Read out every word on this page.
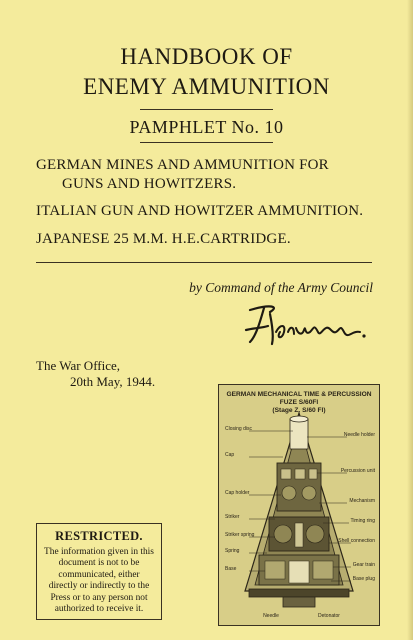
HANDBOOK OF
ENEMY AMMUNITION
PAMPHLET No. 10
GERMAN MINES AND AMMUNITION FOR
GUNS AND HOWITZERS.
ITALIAN GUN AND HOWITZER AMMUNITION.
JAPANESE 25 M.M. H.E.CARTRIDGE.
by Command of the Army Council
The War Office,
20th May, 1944.
Closing disc
Cap
Cap holder
Striker
Striker spring
Spring
Base
Needle holder
Percussion unit
Mechanism
Timing ring
Shell connection
Gear train
Base plug
Needle	Detonator
GERMAN MECHANICAL TIME & PERCUSSION FUZE S/60Fl
(Stage Z. S/60 Fl)
RESTRICTED.
The information given in this document is not to be communicated, either directly or indirectly to the Press or to any person not authorized to receive it.
